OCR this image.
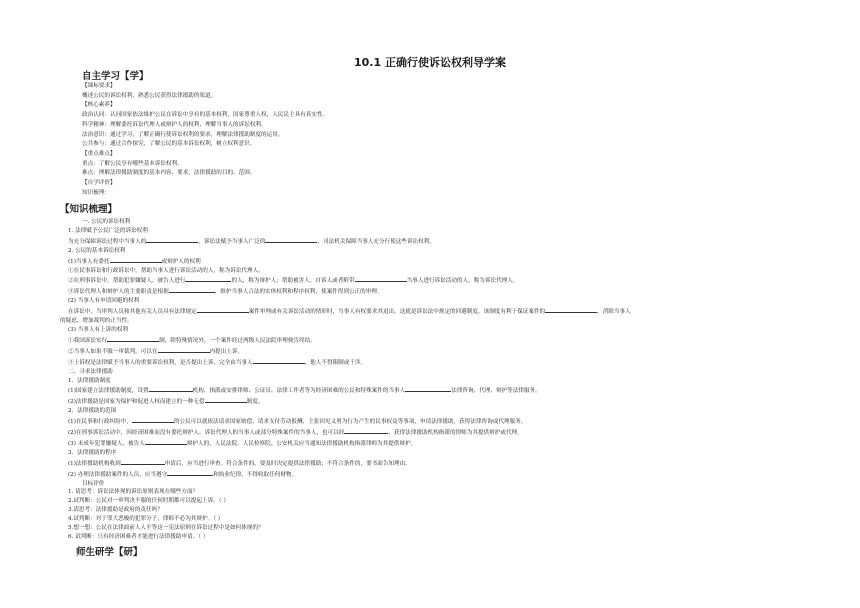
10.1 正确行使诉讼权利导学案
自主学习【学】
【课标要求】
概述公民的诉讼权利，熟悉公民获得法律援助的渠道。
【核心素养】
政治认同：认同国家依法维护公民在诉讼中享有的基本权利，国家尊重人权，人民民主具有真实性。
科学精神：理解委托诉讼代理人或辩护人的权利，理解当事人的诉讼权利。
法治意识：通过学习，了解正确行使诉讼权利的要求，理解法律援助制度的运用。
公共参与：通过合作探究，了解公民的基本诉讼权利，树立权利意识。
【重点难点】
重点：了解公民享有哪些基本诉讼权利。
难点：理解法律援助制度的基本内容、要求，法律援助的目的、范围。
【自学评价】
知识梳理：
【知识梳理】
一. 公民的诉讼权利
1. 法律赋予公民广泛的诉讼权利
为充分保障诉讼过程中当事人的	，诉讼法赋予当事人广泛的	，司法机关保障当事人充分行使这些诉讼权利。
2. 公民的基本诉讼权利
(1)当事人有委托	或辩护人的权利
①在民事诉讼和行政诉讼中，帮助当事人进行诉讼活动的人，称为诉讼代理人。
②在刑事诉讼中，帮助犯罪嫌疑人、被告人进行	的人，称为辩护人；帮助被害人、自诉人或者附带	当事人进行诉讼活动的人，称为诉讼代理人。
③诉讼代理人和辩护人的主要职责是根据	，维护当事人合法的实体权利和程序权利，使案件得到公正的审理。
(2) 当事人有申请回避的权利
在诉讼中，当审判人员和其他有关人员具有法律规定	案件审理或有关诉讼活动的情形时，当事人有权要求其退出。这就是诉讼法中规定的回避制度。该制度有利于保证案件的	，消除当事人
的疑虑，增加裁判的正当性。
(3) 当事人有上诉的权利
①我国诉讼实行	制，除特殊情况外，一个案件经过两级人民法院审理便告终结。
②当事人如果不服一审裁判，可以在	内提出上诉。
③上诉权是法律赋予当事人的重要诉讼权利，是否提出上诉，完全由当事人	，他人不得限制或干涉。
二、寻求法律援助
1．法律援助制度
(1)国家建立法律援助制度，设置	机构，指派或安排律师、公证员、法律工作者等为经济困难的公民和特殊案件的当事人	法律咨询、代理、辩护等法律服务。
(2)法律援助是国家为保护和促进人权而建立的一种无偿	制度。
2．法律援助的范围
(1)在民事和行政纠纷中，	的公民可以就依法请求国家赔偿、请求支付劳动报酬、主张因见义勇为行为产生的民事权益等事项，申请法律援助，获得法律咨询或代理服务。
(2)在刑事诉讼活动中，因经济困难而没有委托辩护人、诉讼代理人的当事人或部分特殊案件的当事人，也可以经	，获得法律援助机构指派的律师为其提供辩护或代理。
(3) 未成年犯罪嫌疑人、被告人	辩护人的，人民法院、人民检察院、公安机关应当通知法律援助机构指派律师为其提供辩护。
3．法律援助的程序
(1)法律援助机构收到	申请后，应当进行审查。符合条件的，要及时决定提供法律援助；不符合条件的，要书面告知理由。
(2) 办理法律援助案件的人员，应当遵守	和执业纪律，不得收取任何财物。
目标评价
1. 请思考：诉讼法体现的诉讼原则表现在哪些方面？
2.试判断：公民对一审判决不服的任何时期都可以提起上诉。（ ）
3.请思考：法律援助是政府的责任吗？
4.试判断：对于罪大恶极的犯罪分子，律师不必为其辩护。（ ）
5.想一想：公民在法律面前人人平等这一宪法原则在诉讼过程中是如何体现的？
6. 试判断：只有经济困难者才能进行法律援助申请。（ ）
师生研学【研】
